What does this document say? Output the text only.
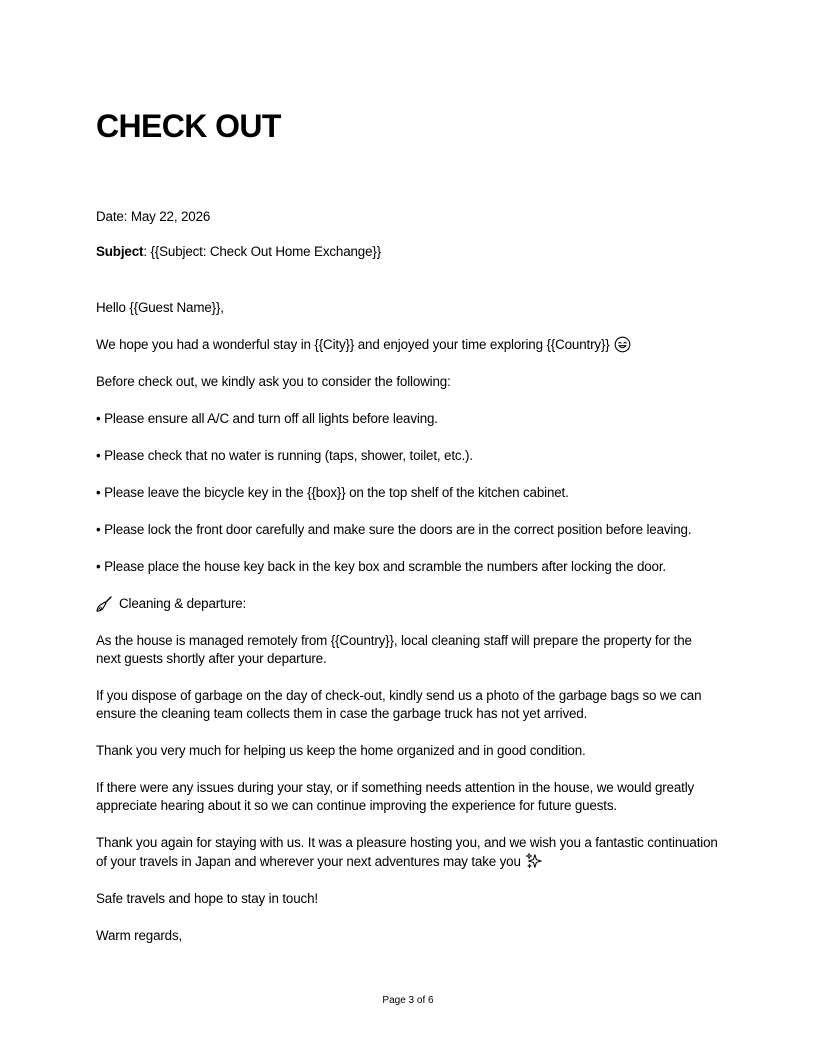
CHECK OUT

Date: May 22, 2026

Subject: {{Subject: Check Out Home Exchange}}

Hello {{Guest Name}},

We hope you had a wonderful stay in {{City}} and enjoyed your time exploring {{Country}}

Before check out, we kindly ask you to consider the following:

• Please ensure all A/C and turn off all lights before leaving.

• Please check that no water is running (taps, shower, toilet, etc.).

• Please leave the bicycle key in the {{box}} on the top shelf of the kitchen cabinet.

• Please lock the front door carefully and make sure the doors are in the correct position before leaving.

• Please place the house key back in the key box and scramble the numbers after locking the door.

Cleaning & departure:

As the house is managed remotely from {{Country}}, local cleaning staff will prepare the property for the next guests shortly after your departure.

If you dispose of garbage on the day of check-out, kindly send us a photo of the garbage bags so we can ensure the cleaning team collects them in case the garbage truck has not yet arrived.

Thank you very much for helping us keep the home organized and in good condition.

If there were any issues during your stay, or if something needs attention in the house, we would greatly appreciate hearing about it so we can continue improving the experience for future guests.

Thank you again for staying with us. It was a pleasure hosting you, and we wish you a fantastic continuation of your travels in Japan and wherever your next adventures may take you

Safe travels and hope to stay in touch!

Warm regards,

Page 3 of 6
